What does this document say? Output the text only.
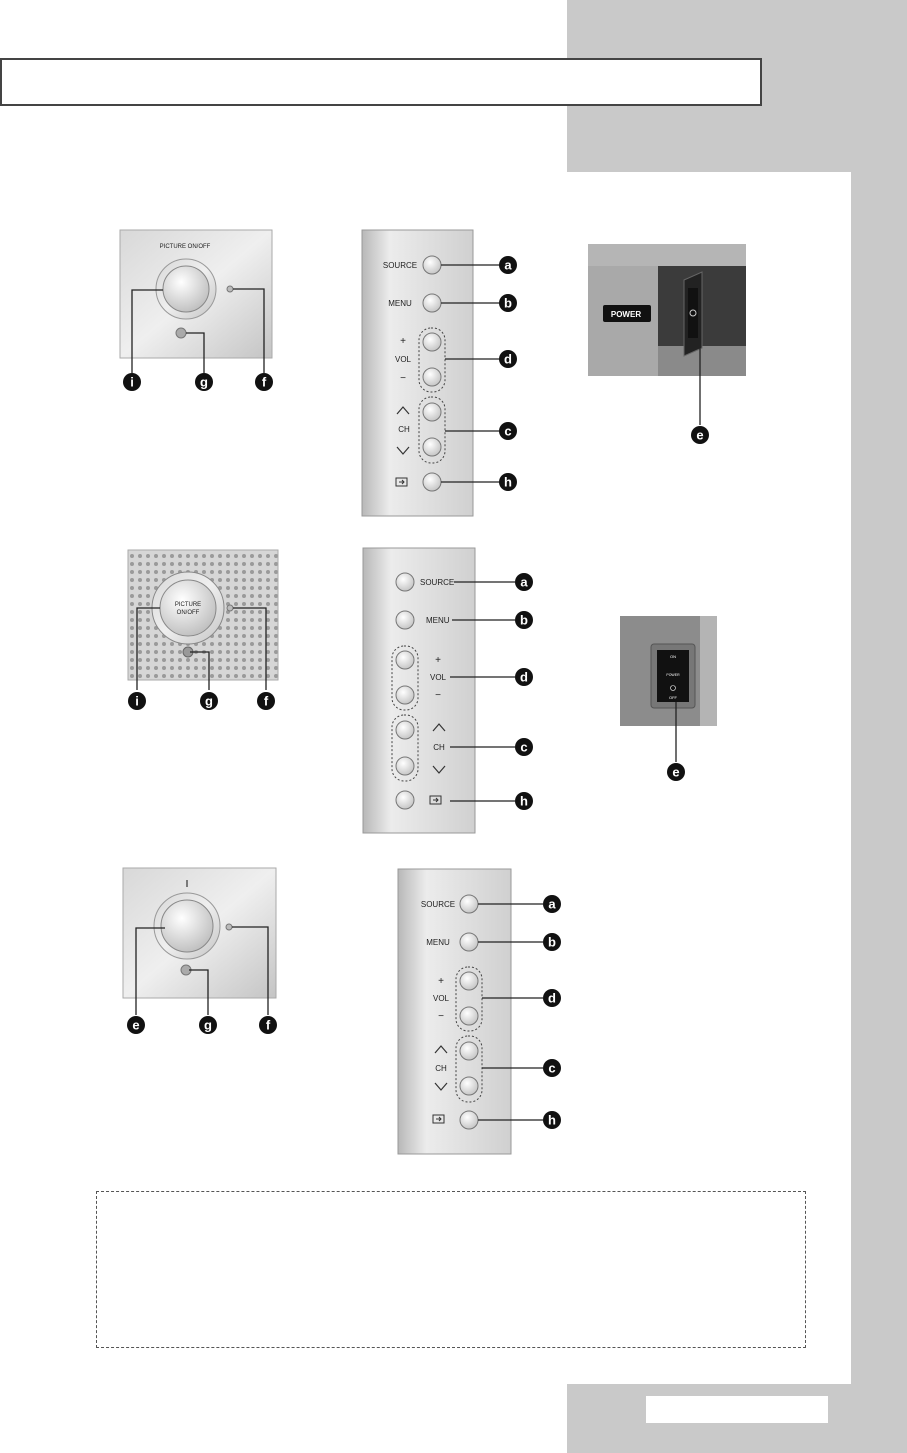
PICTURE ON/OFF
SOURCE
MENU
+
VOL
−
CH
POWER
PICTURE
ON/OFF
SOURCE
MENU
+
VOL
−
CH
ON
POWER
OFF
SOURCE
MENU
+
VOL
−
CH
i	g	f
a
b
d
c
h
e
i	g	f
a
b
d
c
h
e
e	g	f
a
b
d
c
h
